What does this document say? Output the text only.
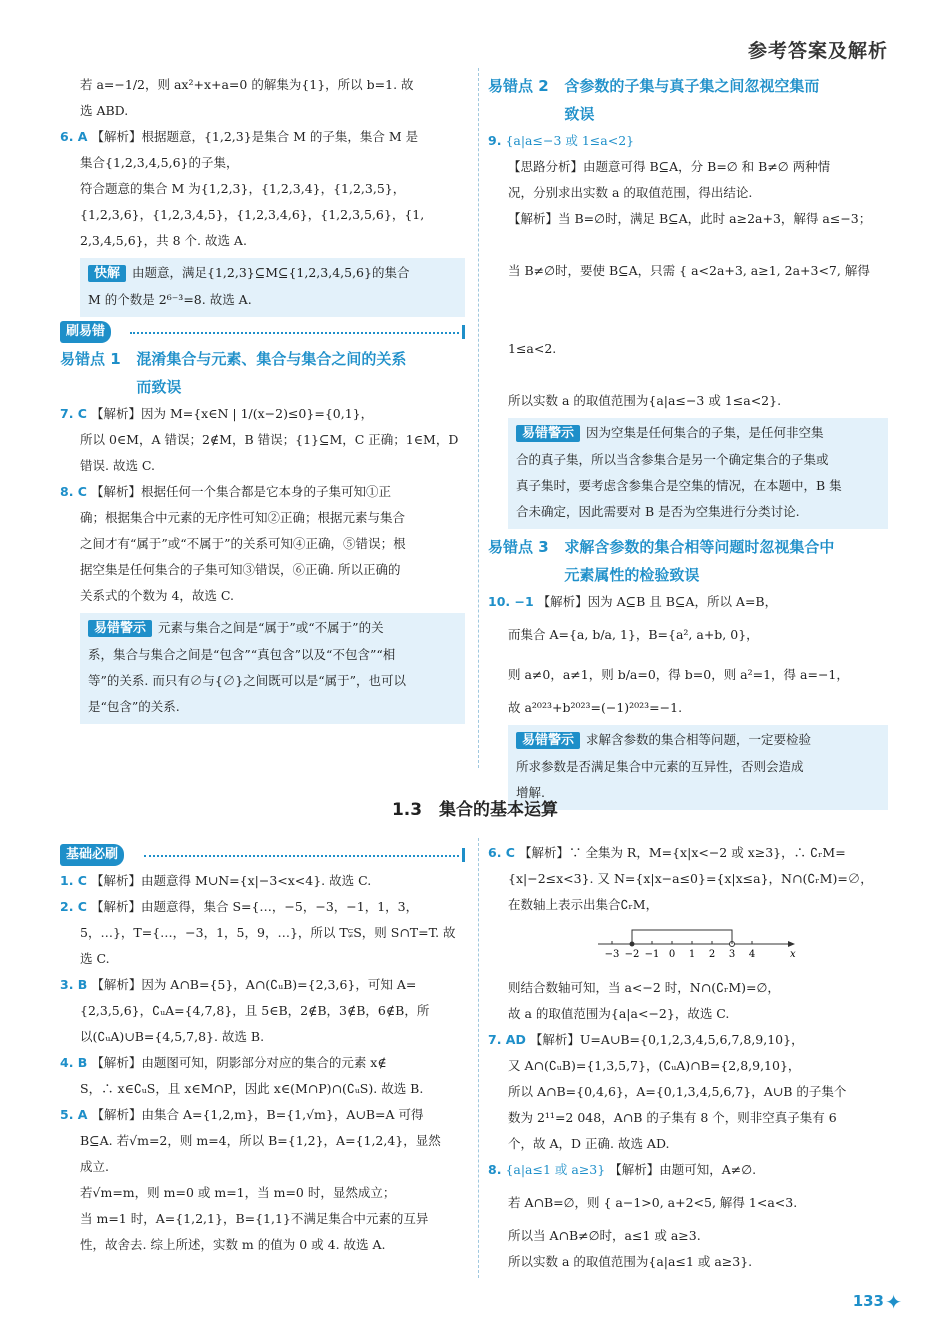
参考答案及解析

若 a=−1/2，则 ax²+x+a=0 的解集为{1}，所以 b=1. 故

选 ABD.

6. A 【解析】根据题意，{1,2,3}是集合 M 的子集，集合 M 是

集合{1,2,3,4,5,6}的子集，

符合题意的集合 M 为{1,2,3}，{1,2,3,4}，{1,2,3,5}，

{1,2,3,6}，{1,2,3,4,5}，{1,2,3,4,6}，{1,2,3,5,6}，{1,

2,3,4,5,6}，共 8 个. 故选 A.

快解 由题意，满足{1,2,3}⊆M⊆{1,2,3,4,5,6}的集合

M 的个数是 2⁶⁻³=8. 故选 A.

刷易错
易错点 1 混淆集合与元素、集合与集合之间的关系
而致误

7. C 【解析】因为 M={x∈N | 1/(x−2)≤0}={0,1}，

所以 0∈M，A 错误；2∉M，B 错误；{1}⊆M，C 正确；1∈M，D

错误. 故选 C.

8. C 【解析】根据任何一个集合都是它本身的子集可知①正

确；根据集合中元素的无序性可知②正确；根据元素与集合

之间才有“属于”或“不属于”的关系可知④正确，⑤错误；根

据空集是任何集合的子集可知③错误，⑥正确. 所以正确的

关系式的个数为 4，故选 C.

易错警示 元素与集合之间是“属于”或“不属于”的关

系，集合与集合之间是“包含”“真包含”以及“不包含”“相

等”的关系. 而只有∅与{∅}之间既可以是“属于”，也可以

是“包含”的关系.

易错点 2 含参数的子集与真子集之间忽视空集而
致误

9. {a|a≤−3 或 1≤a<2}

【思路分析】由题意可得 B⊆A，分 B=∅ 和 B≠∅ 两种情

况，分别求出实数 a 的取值范围，得出结论.

【解析】当 B=∅时，满足 B⊆A，此时 a≥2a+3，解得 a≤−3；

当 B≠∅时，要使 B⊆A，只需 { a<2a+3, a≥1, 2a+3<7, 解得 1≤a<2.

所以实数 a 的取值范围为{a|a≤−3 或 1≤a<2}.

易错警示 因为空集是任何集合的子集，是任何非空集

合的真子集，所以当含参集合是另一个确定集合的子集或

真子集时，要考虑含参集合是空集的情况，在本题中，B 集

合未确定，因此需要对 B 是否为空集进行分类讨论.

易错点 3 求解含参数的集合相等问题时忽视集合中
元素属性的检验致误

10. −1 【解析】因为 A⊆B 且 B⊆A，所以 A=B，

而集合 A={a, b/a, 1}，B={a², a+b, 0}，

则 a≠0，a≠1，则 b/a=0，得 b=0，则 a²=1，得 a=−1，

故 a²⁰²³+b²⁰²³=(−1)²⁰²³=−1.

易错警示 求解含参数的集合相等问题，一定要检验

所求参数是否满足集合中元素的互异性，否则会造成

增解.

1.3　集合的基本运算
基础必刷

1. C 【解析】由题意得 M∪N={x|−3<x<4}. 故选 C.

2. C 【解析】由题意得，集合 S={…，−5，−3，−1，1，3，

5，…}，T={…，−3，1，5，9，…}，所以 T⫋S，则 S∩T=T. 故

选 C.

3. B 【解析】因为 A∩B={5}，A∩(∁ᵤB)={2,3,6}，可知 A=

{2,3,5,6}，∁ᵤA={4,7,8}，且 5∈B，2∉B，3∉B，6∉B，所

以(∁ᵤA)∪B={4,5,7,8}. 故选 B.

4. B 【解析】由题图可知，阴影部分对应的集合的元素 x∉

S，∴ x∈∁ᵤS，且 x∈M∩P，因此 x∈(M∩P)∩(∁ᵤS). 故选 B.

5. A 【解析】由集合 A={1,2,m}，B={1,√m}，A∪B=A 可得

B⊆A. 若√m=2，则 m=4，所以 B={1,2}，A={1,2,4}，显然

成立.

若√m=m，则 m=0 或 m=1，当 m=0 时，显然成立；

当 m=1 时，A={1,2,1}，B={1,1}不满足集合中元素的互异

性，故舍去. 综上所述，实数 m 的值为 0 或 4. 故选 A.

6. C 【解析】∵ 全集为 R，M={x|x<−2 或 x≥3}，∴ ∁ᵣM=

{x|−2≤x<3}. 又 N={x|x−a≤0}={x|x≤a}，N∩(∁ᵣM)=∅，

在数轴上表示出集合∁ᵣM，

−3 −2 −1 0 1 2 3 4	x

则结合数轴可知，当 a<−2 时，N∩(∁ᵣM)=∅，

故 a 的取值范围为{a|a<−2}，故选 C.

7. AD 【解析】U=A∪B={0,1,2,3,4,5,6,7,8,9,10}，

又 A∩(∁ᵤB)={1,3,5,7}，(∁ᵤA)∩B={2,8,9,10}，

所以 A∩B={0,4,6}，A={0,1,3,4,5,6,7}，A∪B 的子集个

数为 2¹¹=2 048，A∩B 的子集有 8 个，则非空真子集有 6

个，故 A，D 正确. 故选 AD.

8. {a|a≤1 或 a≥3} 【解析】由题可知，A≠∅.

若 A∩B=∅，则 { a−1>0, a+2<5, 解得 1<a<3.

所以当 A∩B≠∅时，a≤1 或 a≥3.

所以实数 a 的取值范围为{a|a≤1 或 a≥3}.

133 ✦
